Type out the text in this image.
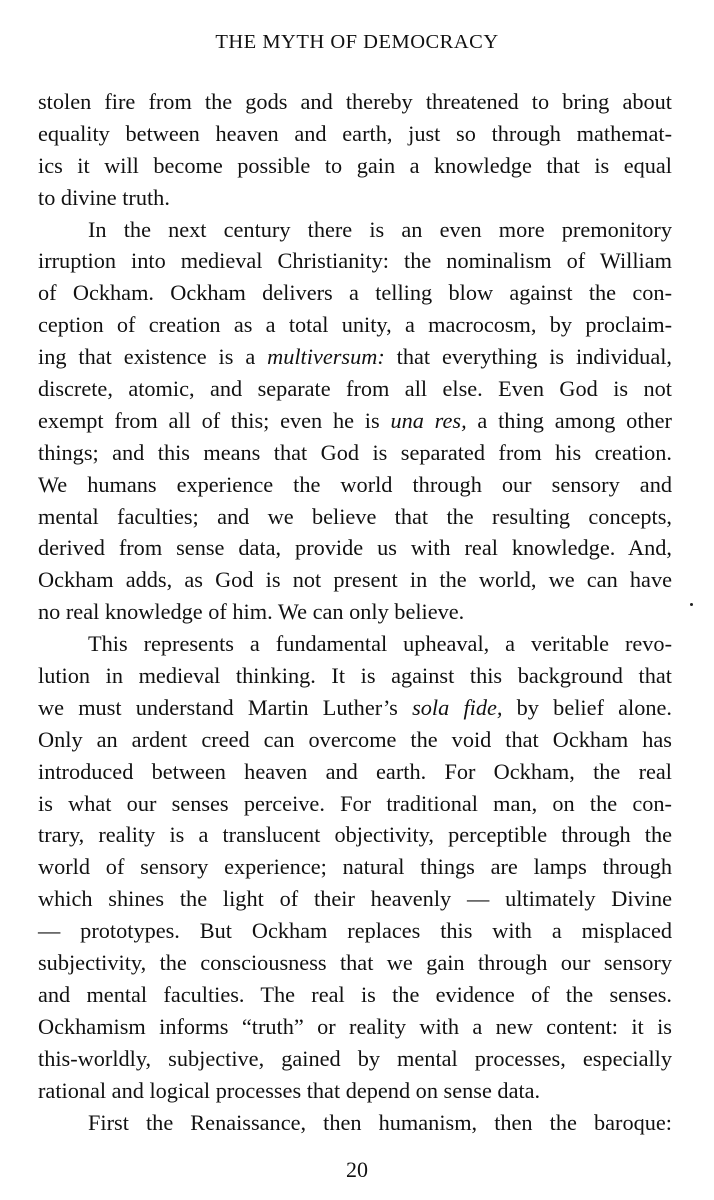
THE MYTH OF DEMOCRACY
stolen fire from the gods and thereby threatened to bring about
equality between heaven and earth, just so through mathemat-
ics it will become possible to gain a knowledge that is equal
to divine truth.
In the next century there is an even more premonitory
irruption into medieval Christianity: the nominalism of William
of Ockham. Ockham delivers a telling blow against the con-
ception of creation as a total unity, a macrocosm, by proclaim-
ing that existence is a multiversum: that everything is individual,
discrete, atomic, and separate from all else. Even God is not
exempt from all of this; even he is una res, a thing among other
things; and this means that God is separated from his creation.
We humans experience the world through our sensory and
mental faculties; and we believe that the resulting concepts,
derived from sense data, provide us with real knowledge. And,
Ockham adds, as God is not present in the world, we can have
no real knowledge of him. We can only believe.
This represents a fundamental upheaval, a veritable revo-
lution in medieval thinking. It is against this background that
we must understand Martin Luther’s sola fide, by belief alone.
Only an ardent creed can overcome the void that Ockham has
introduced between heaven and earth. For Ockham, the real
is what our senses perceive. For traditional man, on the con-
trary, reality is a translucent objectivity, perceptible through the
world of sensory experience; natural things are lamps through
which shines the light of their heavenly — ultimately Divine
— prototypes. But Ockham replaces this with a misplaced
subjectivity, the consciousness that we gain through our sensory
and mental faculties. The real is the evidence of the senses.
Ockhamism informs “truth” or reality with a new content: it is
this-worldly, subjective, gained by mental processes, especially
rational and logical processes that depend on sense data.
First the Renaissance, then humanism, then the baroque:
20
